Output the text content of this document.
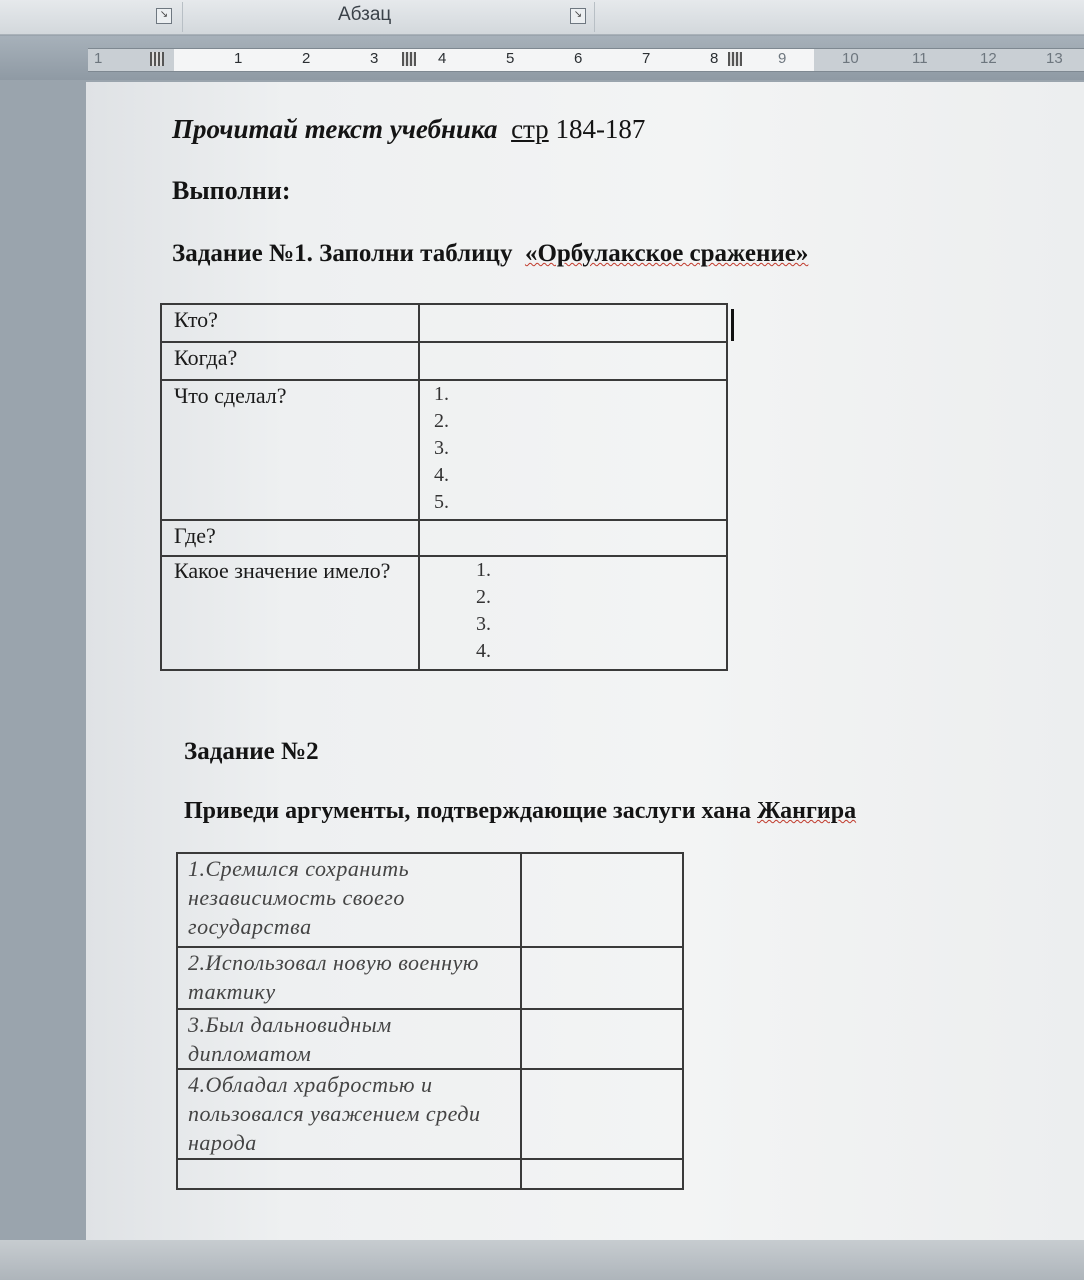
↘	Абзац	↘
1	1	2	3	4	5	6	7	8	9	10	11	12	13
Прочитай текст учебника стр 184-187
Выполни:
Задание №1. Заполни таблицу «Орбулакское сражение»
Кто?	
Когда?	
Что сделал?	1.
2.
3.
4.
5.

Где?	
Какое значение имело?	1.
2.
3.
4.
Задание №2
Приведи аргументы, подтверждающие заслуги хана Жангира
1.Сремился сохранить независимость своего государства	
2.Использовал новую военную тактику	
3.Был дальновидным дипломатом	
4.Обладал храбростью и пользовался уважением среди народа	
